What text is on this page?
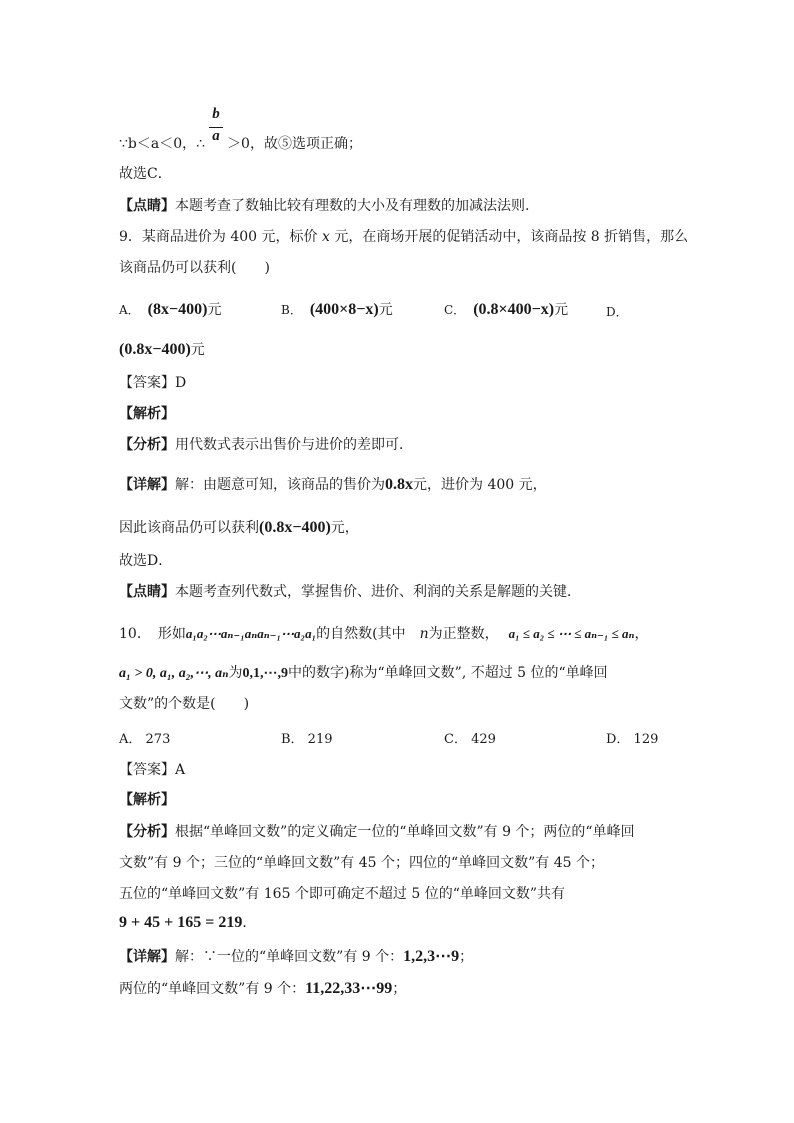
b
a
∵b＜a＜0，∴ ＞0，故⑤选项正确；
故选C．
【点睛】本题考查了数轴比较有理数的大小及有理数的加减法法则.
9．某商品进价为 400 元，标价 x 元，在商场开展的促销活动中，该商品按 8 折销售，那么
该商品仍可以获利(　　)
A． (8x−400)元	B． (400×8−x)元	C． (0.8×400−x)元	D．
(0.8x−400)元
【答案】D
【解析】
【分析】用代数式表示出售价与进价的差即可．
【详解】解：由题意可知，该商品的售价为0.8x元，进价为 400 元，
因此该商品仍可以获利(0.8x−400)元，
故选D．
【点睛】本题考查列代数式，掌握售价、进价、利润的关系是解题的关键．
10．　形如a₁a₂⋯aₙ₋₁aₙaₙ₋₁⋯a₂a₁的自然数(其中　n为正整数， a₁ ≤ a₂ ≤ ⋯ ≤ aₙ₋₁ ≤ aₙ，
a₁ > 0, a₁, a₂,⋯, aₙ为0,1,⋯,9中的数字)称为“单峰回文数”, 不超过 5 位的“单峰回
文数”的个数是(　　)
A． 273	B． 219	C． 429	D． 129
【答案】A
【解析】
【分析】根据“单峰回文数”的定义确定一位的“单峰回文数”有 9 个；两位的“单峰回
文数”有 9 个；三位的“单峰回文数”有 45 个；四位的“单峰回文数”有 45 个；
五位的“单峰回文数”有 165 个即可确定不超过 5 位的“单峰回文数”共有
9 + 45 + 165 = 219．
【详解】解：∵一位的“单峰回文数”有 9 个：1,2,3⋯9；
两位的“单峰回文数”有 9 个：11,22,33⋯99；
